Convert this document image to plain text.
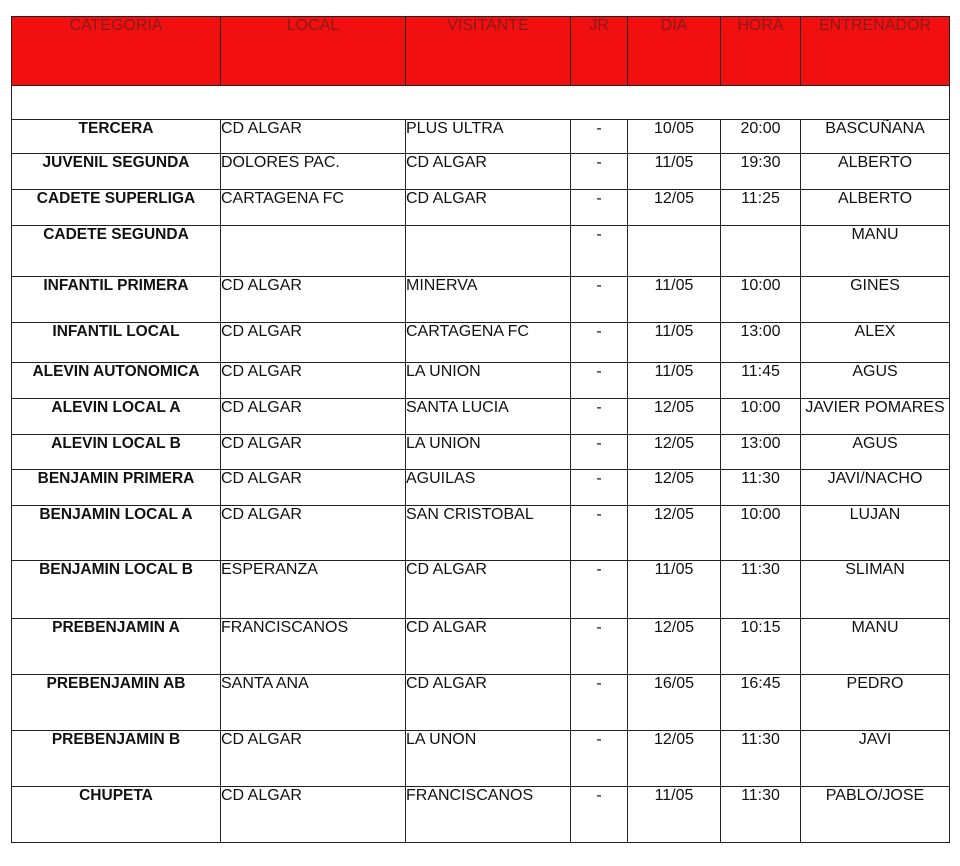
CATEGORIA	LOCAL	VISITANTE	JR	DIA	HORA	ENTRENADOR

TERCERA	CD ALGAR	PLUS ULTRA	-	10/05	20:00	BASCUÑANA
JUVENIL SEGUNDA	DOLORES PAC.	CD ALGAR	-	11/05	19:30	ALBERTO
CADETE SUPERLIGA	CARTAGENA FC	CD ALGAR	-	12/05	11:25	ALBERTO
CADETE SEGUNDA			-			MANU
INFANTIL PRIMERA	CD ALGAR	MINERVA	-	11/05	10:00	GINES
INFANTIL LOCAL	CD ALGAR	CARTAGENA FC	-	11/05	13:00	ALEX
ALEVIN AUTONOMICA	CD ALGAR	LA UNION	-	11/05	11:45	AGUS
ALEVIN LOCAL A	CD ALGAR	SANTA LUCIA	-	12/05	10:00	JAVIER POMARES
ALEVIN LOCAL B	CD ALGAR	LA UNION	-	12/05	13:00	AGUS
BENJAMIN PRIMERA	CD ALGAR	AGUILAS	-	12/05	11:30	JAVI/NACHO
BENJAMIN LOCAL A	CD ALGAR	SAN CRISTOBAL	-	12/05	10:00	LUJAN
BENJAMIN LOCAL B	ESPERANZA	CD ALGAR	-	11/05	11:30	SLIMAN
PREBENJAMIN A	FRANCISCANOS	CD ALGAR	-	12/05	10:15	MANU
PREBENJAMIN AB	SANTA ANA	CD ALGAR	-	16/05	16:45	PEDRO
PREBENJAMIN B	CD ALGAR	LA UNON	-	12/05	11:30	JAVI
CHUPETA	CD ALGAR	FRANCISCANOS	-	11/05	11:30	PABLO/JOSE
